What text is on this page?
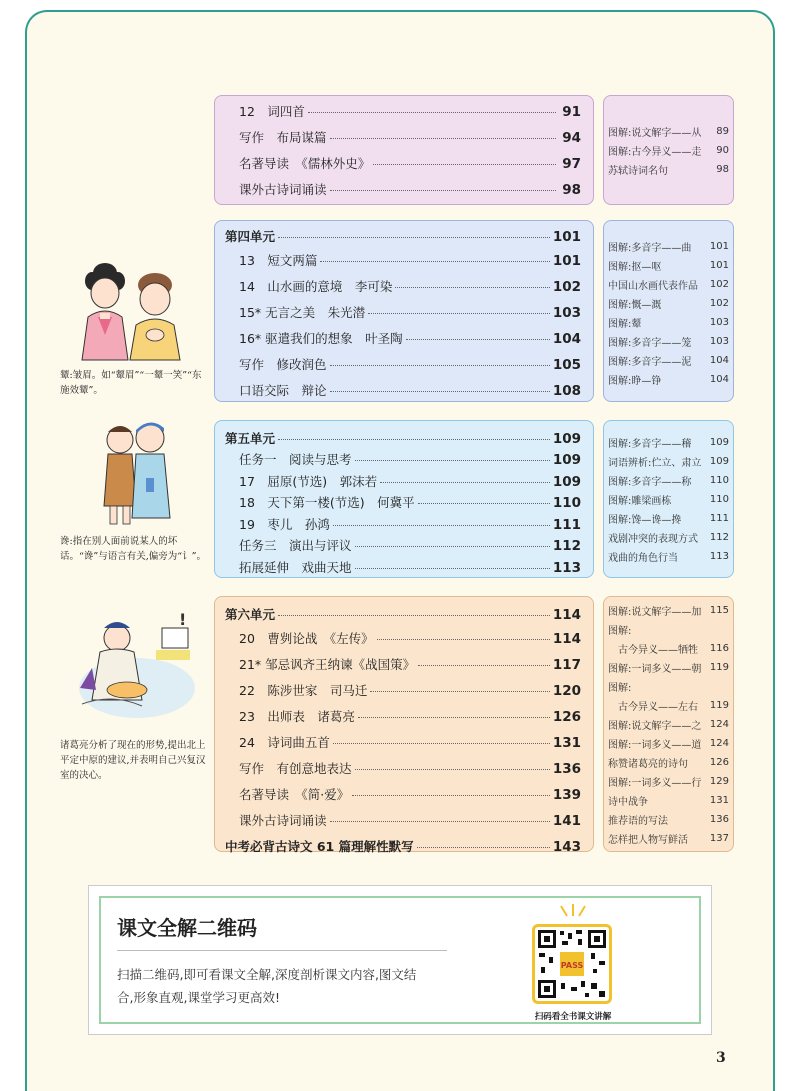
12　词四首	91
写作　布局谋篇	94
名著导读　《儒林外史》	97
课外古诗词诵读	98
图解:说文解字——从 89
图解:古今异义——走 90
苏轼诗词名句	98
第四单元	101
13　短文两篇	101
14　山水画的意境　李可染	102
15* 无言之美　朱光潜	103
16* 驱遣我们的想象　叶圣陶	104
写作　修改润色	105
口语交际　辩论	108
图解:多音字——曲 101
图解:抠—呕	101
中国山水画代表作品 102
图解:慨—溉	102
图解:颦	103
图解:多音字——笼 103
图解:多音字——泥 104
图解:睁—铮	104
第五单元	109
任务一　阅读与思考	109
17　屈原(节选)　郭沫若	109
18　天下第一楼(节选)　何冀平	110
19　枣儿　孙鸿	111
任务三　演出与评议	112
拓展延伸　戏曲天地	113
图解:多音字——稽 109
词语辨析:伫立、肃立 109
图解:多音字——称 110
图解:雕梁画栋	110
图解:馋—谗—搀	111
戏剧冲突的表现方式 112
戏曲的角色行当	113
第六单元	114
20　曹刿论战　《左传》	114
21* 邹忌讽齐王纳谏《战国策》	117
22　陈涉世家　司马迁	120
23　出师表　诸葛亮	126
24　诗词曲五首	131
写作　有创意地表达	136
名著导读　《简·爱》	139
课外古诗词诵读	141
中考必背古诗文 61 篇理解性默写	143
图解:说文解字——加 115
图解:
　古今异义——牺牲 116
图解:一词多义——朝 119
图解:
　古今异义——左右 119
图解:说文解字——之 124
图解:一词多义——道 124
称赞诸葛亮的诗句 126
图解:一词多义——行 129
诗中战争	131
推荐语的写法	136
怎样把人物写鲜活 137
颦:皱眉。如“颦眉”“一颦一笑”“东施效颦”。
谗:指在别人面前说某人的坏话。“谗”与语言有关,偏旁为“讠”。
!
诸葛亮分析了现在的形势,提出北上平定中原的建议,并表明自己兴复汉室的决心。
课文全解二维码
扫描二维码,即可看课文全解,深度剖析课文内容,图文结合,形象直观,课堂学习更高效!
PASS
扫码看全书课文讲解
3
